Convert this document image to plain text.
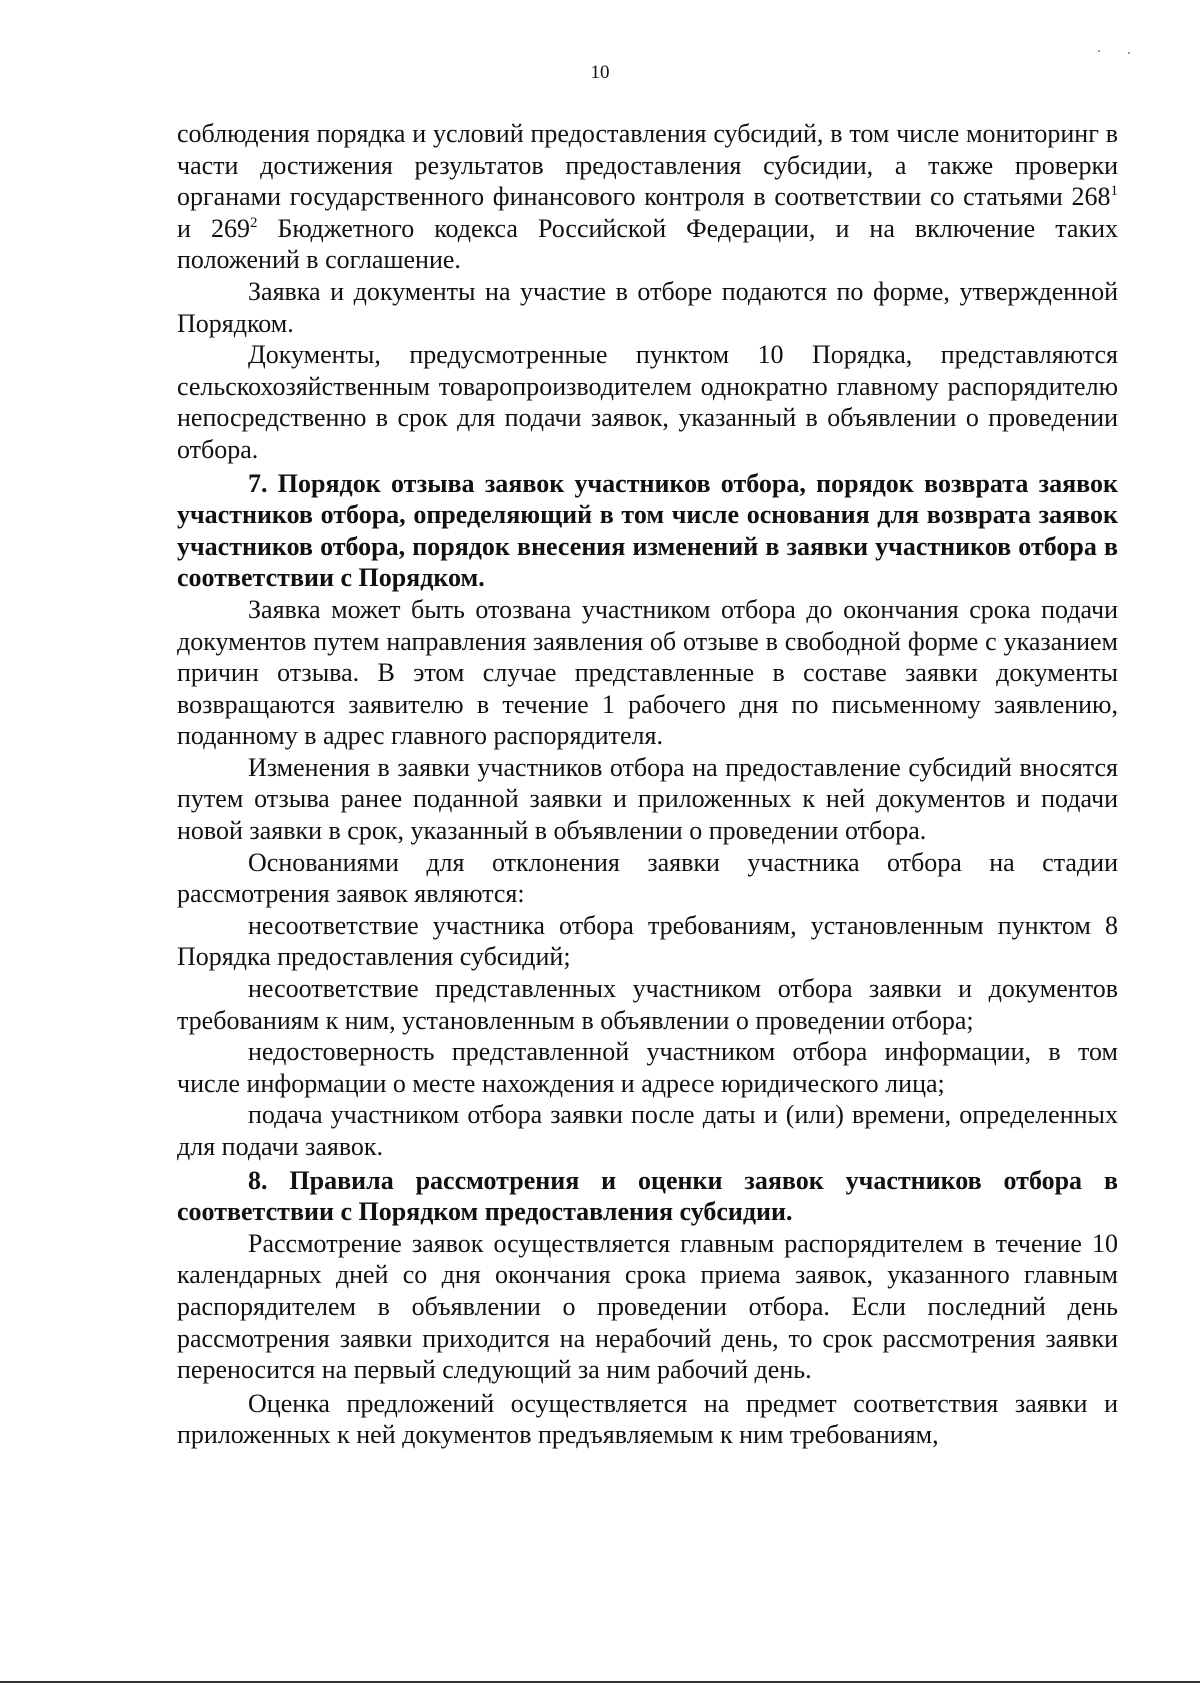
10

соблюдения порядка и условий предоставления субсидий, в том числе мониторинг в части достижения результатов предоставления субсидии, а также проверки органами государственного финансового контроля в соответствии со статьями $268^1$ и $269^2$ Бюджетного кодекса Российской Федерации, и на включение таких положений в соглашение.

Заявка и документы на участие в отборе подаются по форме, утвержденной Порядком.

Документы, предусмотренные пунктом 10 Порядка, представляются сельскохозяйственным товаропроизводителем однократно главному распорядителю непосредственно в срок для подачи заявок, указанный в объявлении о проведении отбора.

7. Порядок отзыва заявок участников отбора, порядок возврата заявок участников отбора, определяющий в том числе основания для возврата заявок участников отбора, порядок внесения изменений в заявки участников отбора в соответствии с Порядком.

Заявка может быть отозвана участником отбора до окончания срока подачи документов путем направления заявления об отзыве в свободной форме с указанием причин отзыва. В этом случае представленные в составе заявки документы возвращаются заявителю в течение 1 рабочего дня по письменному заявлению, поданному в адрес главного распорядителя.

Изменения в заявки участников отбора на предоставление субсидий вносятся путем отзыва ранее поданной заявки и приложенных к ней документов и подачи новой заявки в срок, указанный в объявлении о проведении отбора.

Основаниями для отклонения заявки участника отбора на стадии рассмотрения заявок являются:

несоответствие участника отбора требованиям, установленным пунктом 8 Порядка предоставления субсидий;

несоответствие представленных участником отбора заявки и документов требованиям к ним, установленным в объявлении о проведении отбора;

недостоверность представленной участником отбора информации, в том числе информации о месте нахождения и адресе юридического лица;

подача участником отбора заявки после даты и (или) времени, определенных для подачи заявок.

8. Правила рассмотрения и оценки заявок участников отбора в соответствии с Порядком предоставления субсидии.

Рассмотрение заявок осуществляется главным распорядителем в течение 10 календарных дней со дня окончания срока приема заявок, указанного главным распорядителем в объявлении о проведении отбора. Если последний день рассмотрения заявки приходится на нерабочий день, то срок рассмотрения заявки переносится на первый следующий за ним рабочий день.

Оценка предложений осуществляется на предмет соответствия заявки и приложенных к ней документов предъявляемым к ним требованиям,
